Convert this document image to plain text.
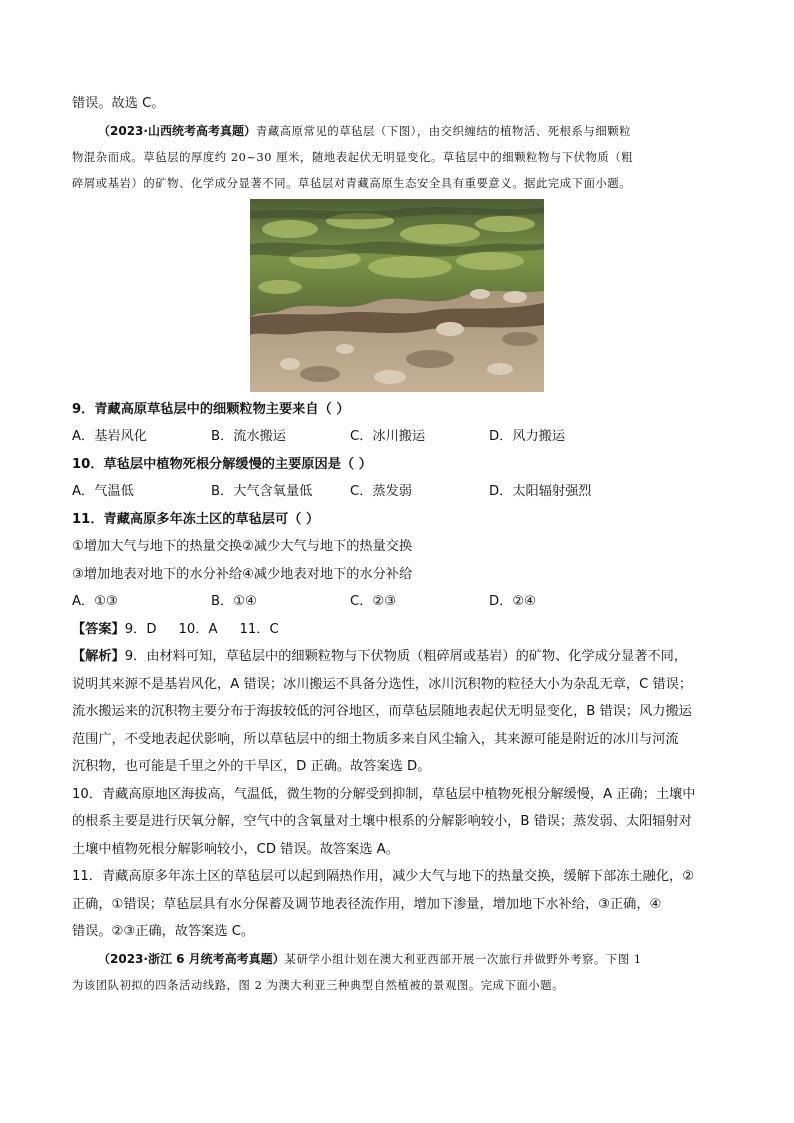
错误。故选 C。
（2023·山西统考高考真题）青藏高原常见的草毡层（下图），由交织缠结的植物活、死根系与细颗粒
物混杂而成。草毡层的厚度约 20~30 厘米，随地表起伏无明显变化。草毡层中的细颗粒物与下伏物质（粗
碎屑或基岩）的矿物、化学成分显著不同。草毡层对青藏高原生态安全具有重要意义。据此完成下面小题。
9．青藏高原草毡层中的细颗粒物主要来自（ ）
A．基岩风化	B．流水搬运	C．冰川搬运	D．风力搬运
10．草毡层中植物死根分解缓慢的主要原因是（ ）
A．气温低	B．大气含氧量低	C．蒸发弱	D．太阳辐射强烈
11．青藏高原多年冻土区的草毡层可（ ）
①增加大气与地下的热量交换②减少大气与地下的热量交换
③增加地表对地下的水分补给④减少地表对地下的水分补给
A．①③	B．①④	C．②③	D．②④
【答案】9．D 10．A 11．C
【解析】9．由材料可知，草毡层中的细颗粒物与下伏物质（粗碎屑或基岩）的矿物、化学成分显著不同，
说明其来源不是基岩风化，A 错误；冰川搬运不具备分选性，冰川沉积物的粒径大小为杂乱无章，C 错误；
流水搬运来的沉积物主要分布于海拔较低的河谷地区，而草毡层随地表起伏无明显变化，B 错误；风力搬运
范围广，不受地表起伏影响，所以草毡层中的细土物质多来自风尘输入，其来源可能是附近的冰川与河流
沉积物，也可能是千里之外的干旱区，D 正确。故答案选 D。
10．青藏高原地区海拔高，气温低，微生物的分解受到抑制，草毡层中植物死根分解缓慢，A 正确；土壤中
的根系主要是进行厌氧分解，空气中的含氧量对土壤中根系的分解影响较小，B 错误；蒸发弱、太阳辐射对
土壤中植物死根分解影响较小，CD 错误。故答案选 A。
11．青藏高原多年冻土区的草毡层可以起到隔热作用，减少大气与地下的热量交换，缓解下部冻土融化，②
正确，①错误；草毡层具有水分保蓄及调节地表径流作用，增加下渗量，增加地下水补给，③正确，④
错误。②③正确，故答案选 C。
（2023·浙江 6 月统考高考真题）某研学小组计划在澳大利亚西部开展一次旅行并做野外考察。下图 1
为该团队初拟的四条活动线路，图 2 为澳大利亚三种典型自然植被的景观图。完成下面小题。
